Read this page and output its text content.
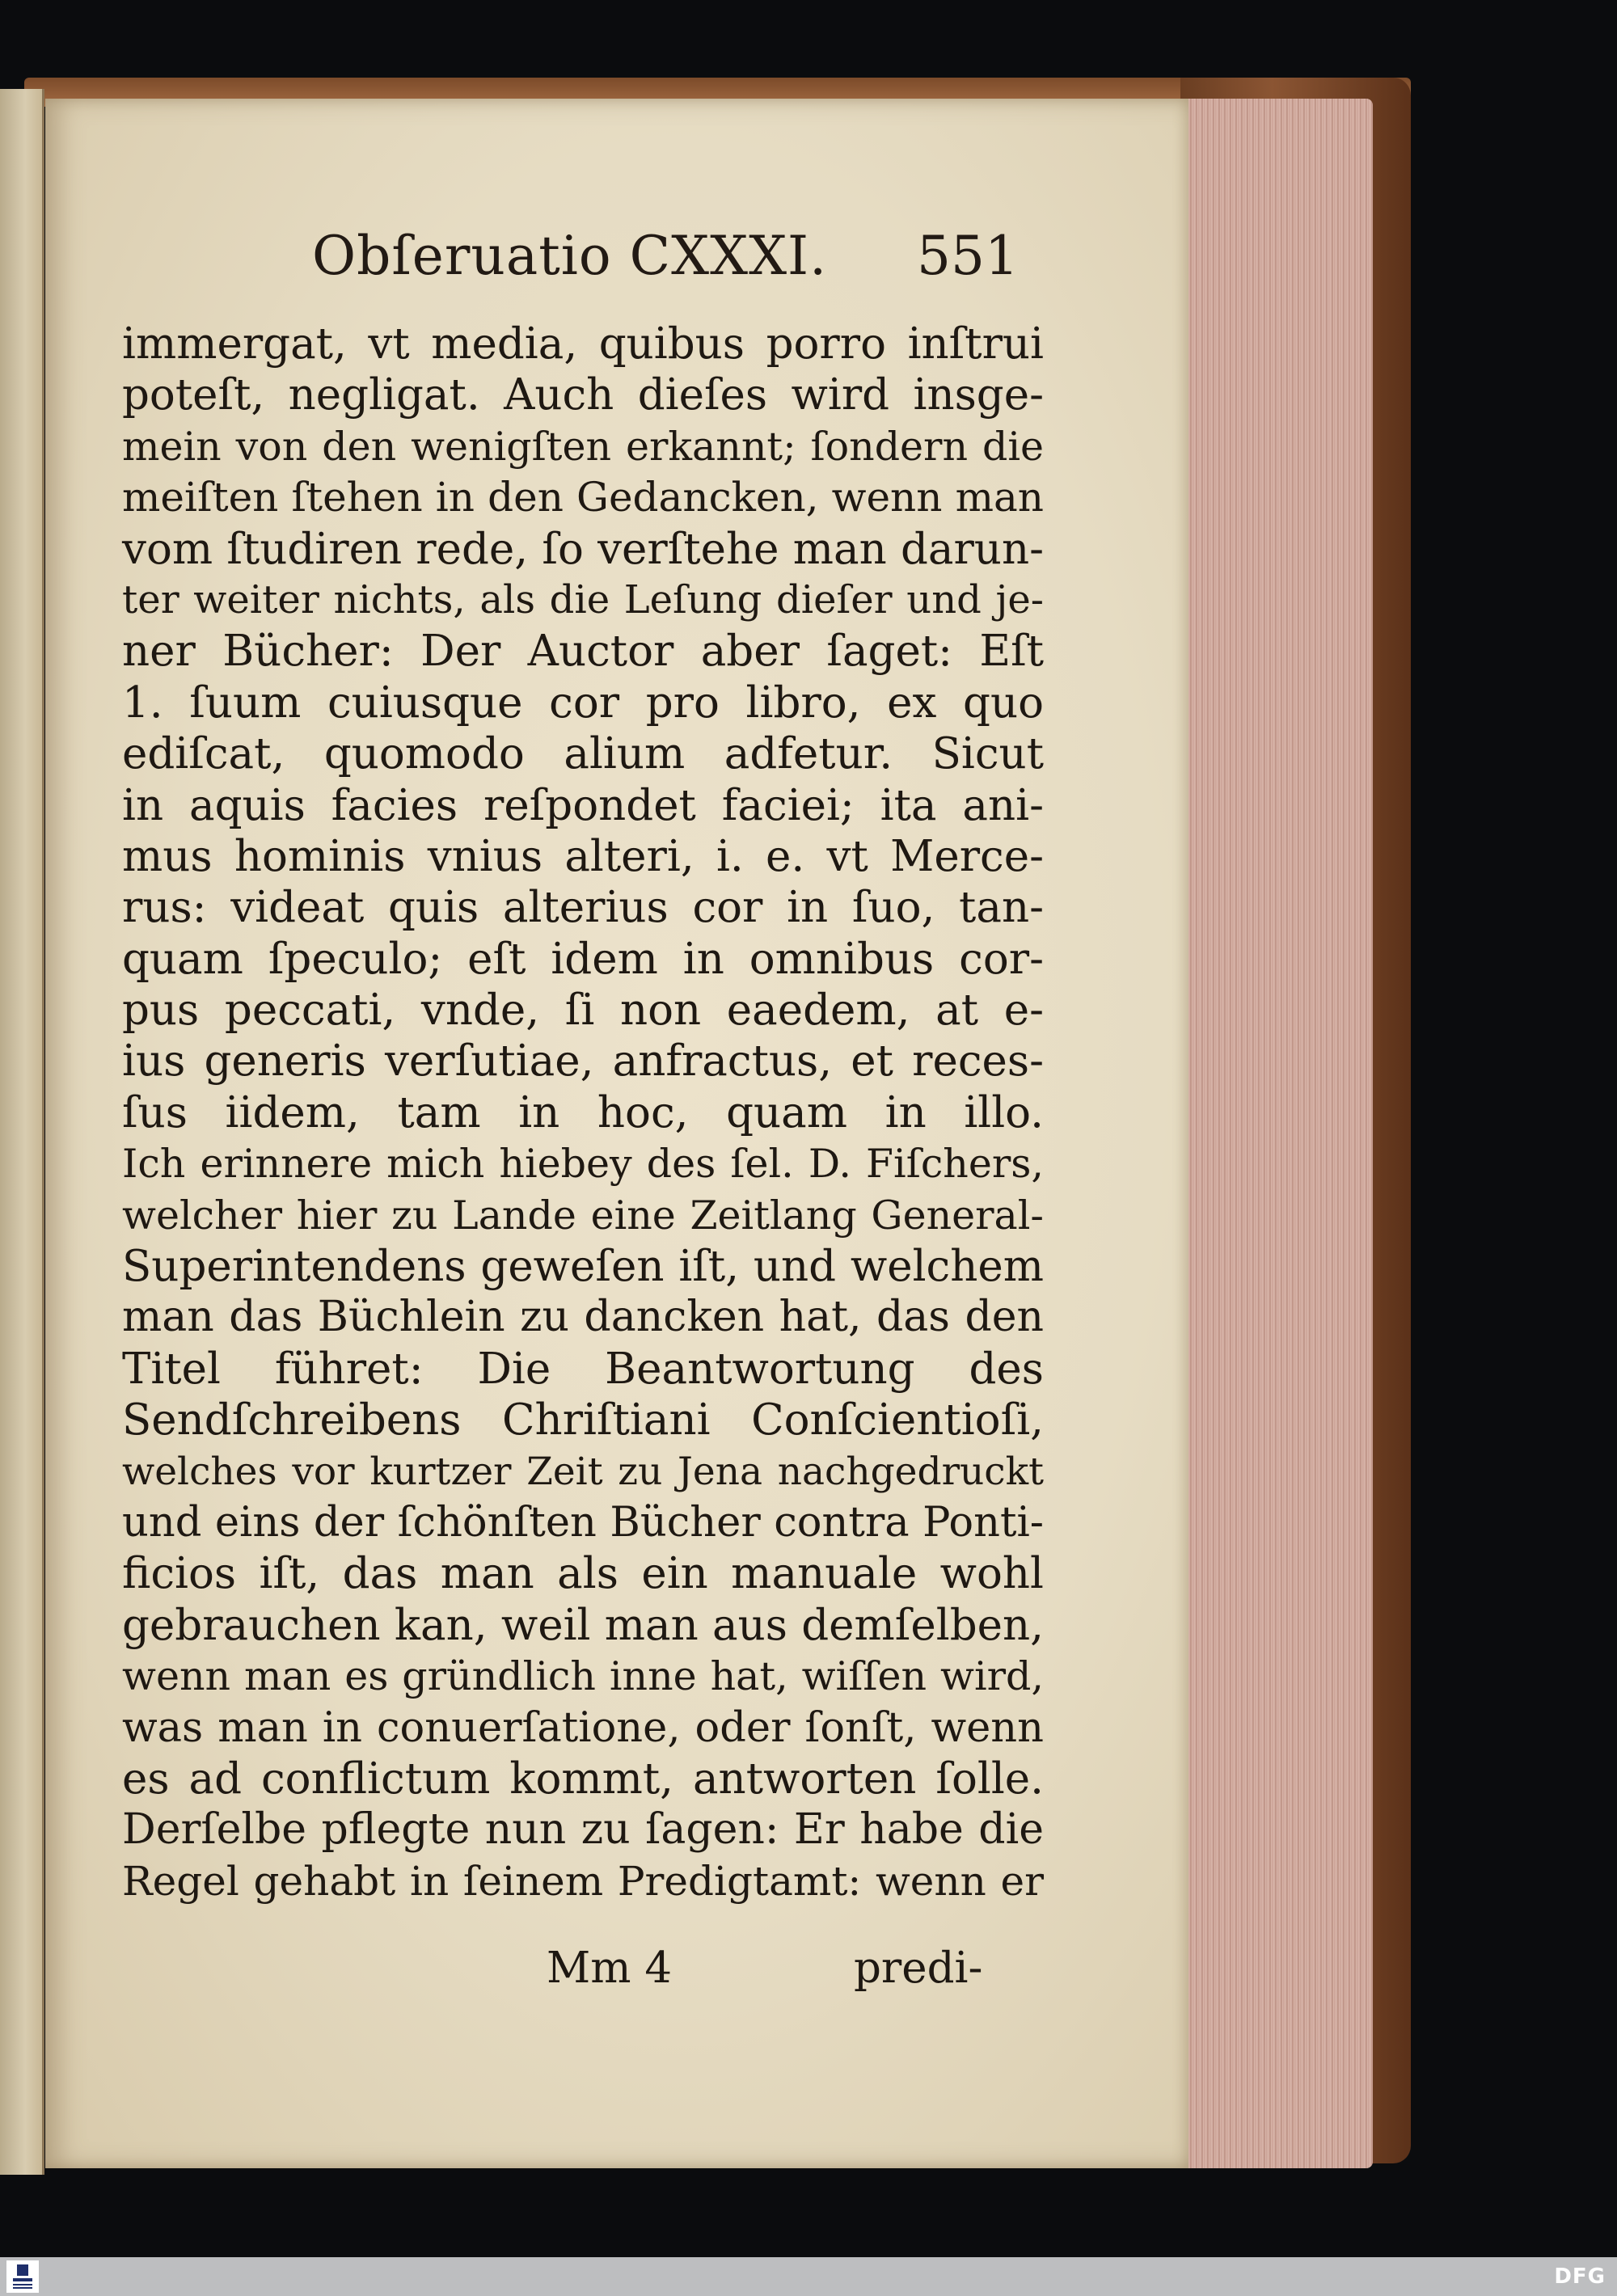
Obſeruatio CXXXI. 551
immergat, vt media, quibus porro inſtrui
poteſt, negligat. Auch dieſes wird insge-
mein von den wenigſten erkannt; ſondern die
meiſten ſtehen in den Gedancken, wenn man
vom ſtudiren rede, ſo verſtehe man darun-
ter weiter nichts, als die Leſung dieſer und je-
ner Bücher: Der Auctor aber ſaget: Eſt
1. ſuum cuiusque cor pro libro, ex quo
ediſcat, quomodo alium adfetur. Sicut
in aquis facies reſpondet faciei; ita ani-
mus hominis vnius alteri, i. e. vt Merce-
rus: videat quis alterius cor in ſuo, tan-
quam ſpeculo; eſt idem in omnibus cor-
pus peccati, vnde, ſi non eaedem, at e-
ius generis verſutiae, anfractus, et reces-
ſus iidem, tam in hoc, quam in illo.
Ich erinnere mich hiebey des ſel. D. Fiſchers,
welcher hier zu Lande eine Zeitlang General-
Superintendens geweſen iſt, und welchem
man das Büchlein zu dancken hat, das den
Titel führet: Die Beantwortung des
Sendſchreibens Chriſtiani Conſcientioſi,
welches vor kurtzer Zeit zu Jena nachgedruckt
und eins der ſchönſten Bücher contra Ponti-
ficios iſt, das man als ein manuale wohl
gebrauchen kan, weil man aus demſelben,
wenn man es gründlich inne hat, wiſſen wird,
was man in conuerſatione, oder ſonſt, wenn
es ad conflictum kommt, antworten ſolle.
Derſelbe pflegte nun zu ſagen: Er habe die
Regel gehabt in ſeinem Predigtamt: wenn er
Mm 4	predi-
DFG
